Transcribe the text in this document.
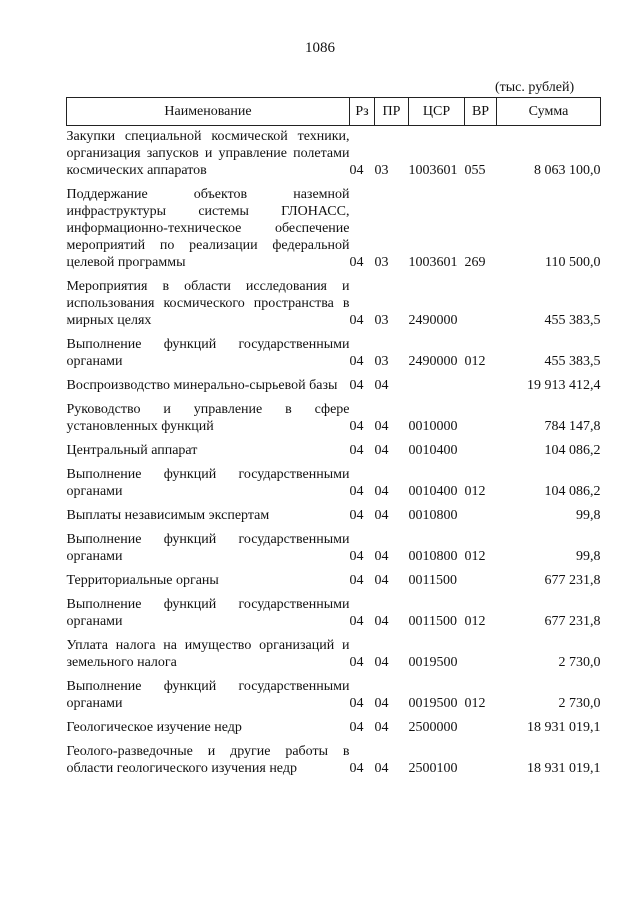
1086
(тыс. рублей)
Наименование	Рз	ПР	ЦСР	ВР	Сумма
Закупки специальной космической техники, организация запусков и управление полетами космических аппаратов	04	03	1003601	055	8 063 100,0
Поддержание объектов наземной инфраструктуры системы ГЛОНАСС, информационно-техническое обеспечение мероприятий по реализации федеральной целевой программы	04	03	1003601	269	110 500,0
Мероприятия в области исследования и использования космического пространства в мирных целях	04	03	2490000		455 383,5
Выполнение функций государственными органами	04	03	2490000	012	455 383,5
Воспроизводство минерально-сырьевой базы	04	04			19 913 412,4
Руководство и управление в сфере установленных функций	04	04	0010000		784 147,8
Центральный аппарат	04	04	0010400		104 086,2
Выполнение функций государственными органами	04	04	0010400	012	104 086,2
Выплаты независимым экспертам	04	04	0010800		99,8
Выполнение функций государственными органами	04	04	0010800	012	99,8
Территориальные органы	04	04	0011500		677 231,8
Выполнение функций государственными органами	04	04	0011500	012	677 231,8
Уплата налога на имущество организаций и земельного налога	04	04	0019500		2 730,0
Выполнение функций государственными органами	04	04	0019500	012	2 730,0
Геологическое изучение недр	04	04	2500000		18 931 019,1
Геолого-разведочные и другие работы в области геологического изучения недр	04	04	2500100		18 931 019,1
